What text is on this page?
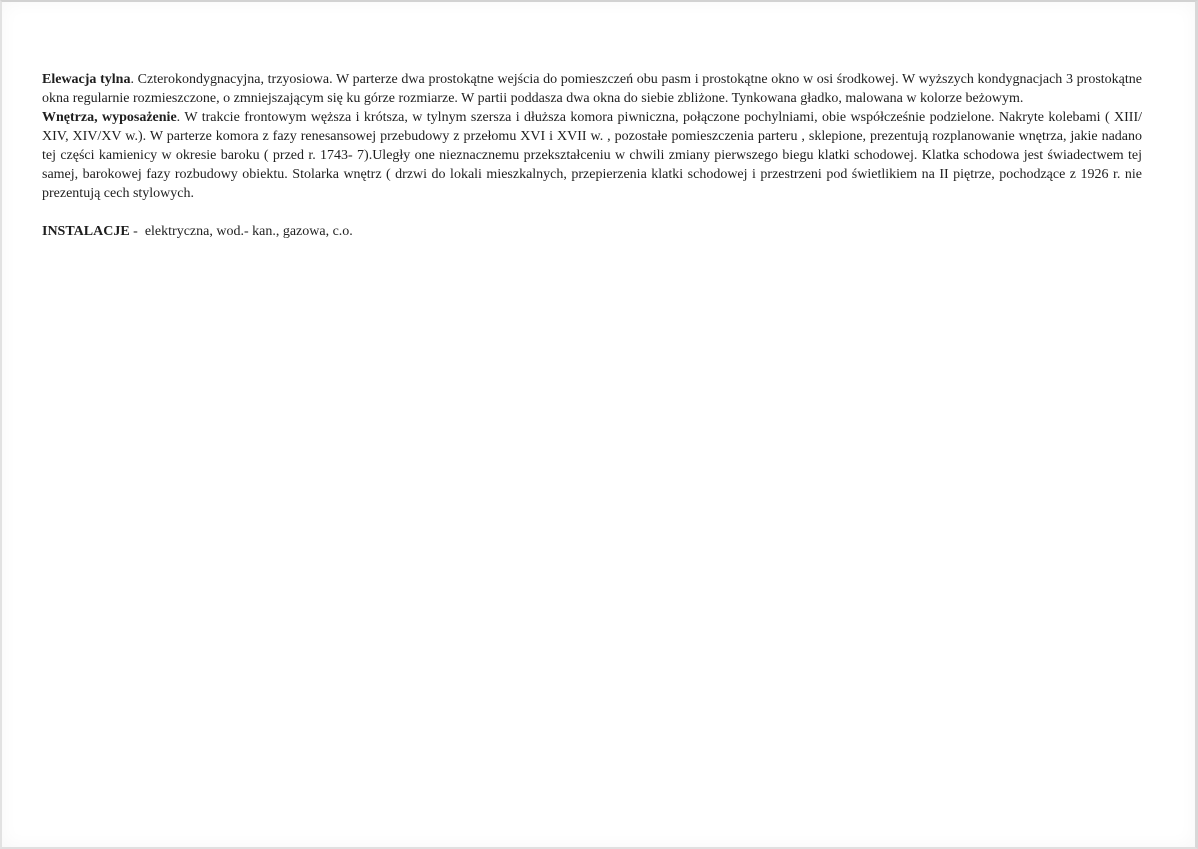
Elewacja tylna. Czterokondygnacyjna, trzyosiowa. W parterze dwa prostokątne wejścia do pomieszczeń obu pasm i prostokątne okno w osi środkowej. W wyższych kondygnacjach 3 prostokątne okna regularnie rozmieszczone, o zmniejszającym się ku górze rozmiarze. W partii poddasza dwa okna do siebie zbliżone. Tynkowana gładko, malowana w kolorze beżowym.

Wnętrza, wyposażenie. W trakcie frontowym węższa i krótsza, w tylnym szersza i dłuższa komora piwniczna, połączone pochylniami, obie współcześnie podzielone. Nakryte kolebami ( XIII/ XIV, XIV/XV w.). W parterze komora z fazy renesansowej przebudowy z przełomu XVI i XVII w. , pozostałe pomieszczenia parteru , sklepione, prezentują rozplanowanie wnętrza, jakie nadano tej części kamienicy w okresie baroku ( przed r. 1743- 7).Uległy one nieznacznemu przekształceniu w chwili zmiany pierwszego biegu klatki schodowej. Klatka schodowa jest świadectwem tej samej, barokowej fazy rozbudowy obiektu. Stolarka wnętrz ( drzwi do lokali mieszkalnych, przepierzenia klatki schodowej i przestrzeni pod świetlikiem na II piętrze, pochodzące z 1926 r. nie prezentują cech stylowych.

INSTALACJE -  elektryczna, wod.- kan., gazowa, c.o.
